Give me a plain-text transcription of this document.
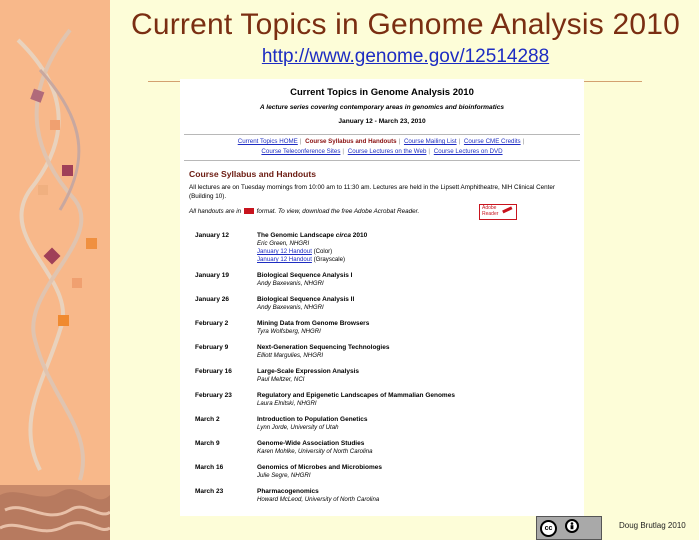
Current Topics in Genome Analysis 2010
http://www.genome.gov/12514288
Current Topics in Genome Analysis 2010
A lecture series covering contemporary areas in genomics and bioinformatics
January 12 - March 23, 2010
Current Topics HOME | Course Syllabus and Handouts | Course Mailing List | Course CME Credits |
Course Teleconference Sites | Course Lectures on the Web | Course Lectures on DVD
Course Syllabus and Handouts
All lectures are on Tuesday mornings from 10:00 am to 11:30 am. Lectures are held in the Lipsett Amphitheatre, NIH Clinical Center (Building 10).
All handouts are in format. To view, download the free Adobe Acrobat Reader.	Adobe
Reader
January 12	The Genomic Landscape circa 2010
Eric Green, NHGRI
January 12 Handout (Color)
January 12 Handout (Grayscale)
January 19	Biological Sequence Analysis I
Andy Baxevanis, NHGRI
January 26	Biological Sequence Analysis II
Andy Baxevanis, NHGRI
February 2	Mining Data from Genome Browsers
Tyra Wolfsberg, NHGRI
February 9	Next-Generation Sequencing Technologies
Elliott Margulies, NHGRI
February 16	Large-Scale Expression Analysis
Paul Meltzer, NCI
February 23	Regulatory and Epigenetic Landscapes of Mammalian Genomes
Laura Elnitski, NHGRI
March 2	Introduction to Population Genetics
Lynn Jorde, University of Utah
March 9	Genome-Wide Association Studies
Karen Mohlke, University of North Carolina
March 16	Genomics of Microbes and Microbiomes
Julie Segre, NHGRI
March 23	Pharmacogenomics
Howard McLeod, University of North Carolina
cc	Doug Brutlag 2010
